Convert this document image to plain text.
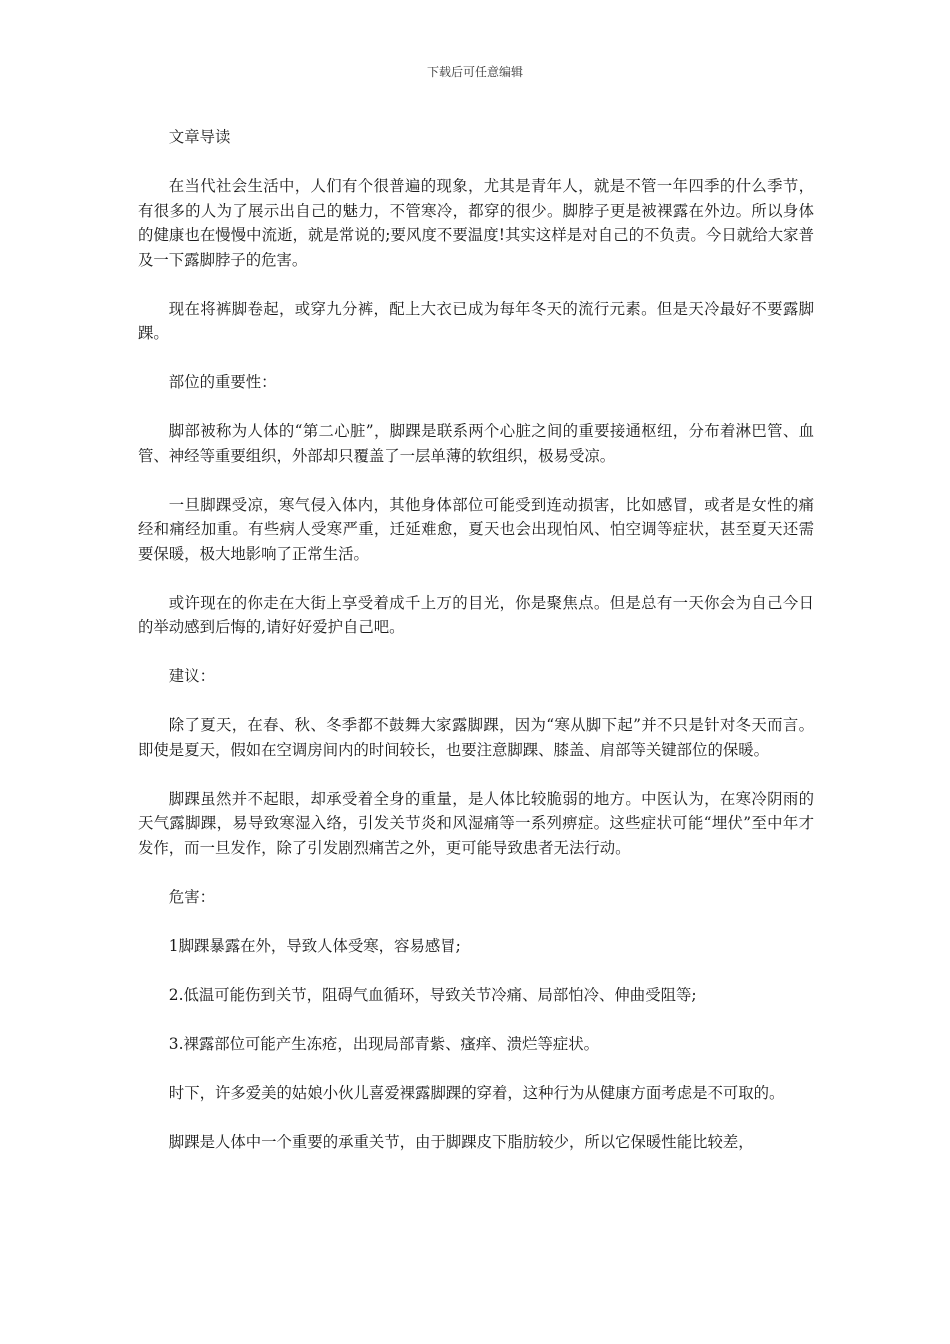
下载后可任意编辑

文章导读

在当代社会生活中，人们有个很普遍的现象，尤其是青年人，就是不管一年四季的什么季节，有很多的人为了展示出自己的魅力，不管寒冷，都穿的很少。脚脖子更是被裸露在外边。所以身体的健康也在慢慢中流逝，就是常说的;要风度不要温度!其实这样是对自己的不负责。今日就给大家普及一下露脚脖子的危害。

现在将裤脚卷起，或穿九分裤，配上大衣已成为每年冬天的流行元素。但是天冷最好不要露脚踝。

部位的重要性：

脚部被称为人体的“第二心脏”，脚踝是联系两个心脏之间的重要接通枢纽，分布着淋巴管、血管、神经等重要组织，外部却只覆盖了一层单薄的软组织，极易受凉。

一旦脚踝受凉，寒气侵入体内，其他身体部位可能受到连动损害，比如感冒，或者是女性的痛经和痛经加重。有些病人受寒严重，迁延难愈，夏天也会出现怕风、怕空调等症状，甚至夏天还需要保暖，极大地影响了正常生活。

或许现在的你走在大街上享受着成千上万的目光，你是聚焦点。但是总有一天你会为自己今日的举动感到后悔的,请好好爱护自己吧。

建议：

除了夏天，在春、秋、冬季都不鼓舞大家露脚踝，因为“寒从脚下起”并不只是针对冬天而言。即使是夏天，假如在空调房间内的时间较长，也要注意脚踝、膝盖、肩部等关键部位的保暖。

脚踝虽然并不起眼，却承受着全身的重量，是人体比较脆弱的地方。中医认为，在寒冷阴雨的天气露脚踝，易导致寒湿入络，引发关节炎和风湿痛等一系列痹症。这些症状可能“埋伏”至中年才发作，而一旦发作，除了引发剧烈痛苦之外，更可能导致患者无法行动。

危害：

1脚踝暴露在外，导致人体受寒，容易感冒;

2.低温可能伤到关节，阻碍气血循环，导致关节冷痛、局部怕冷、伸曲受阻等;

3.裸露部位可能产生冻疮，出现局部青紫、瘙痒、溃烂等症状。

时下，许多爱美的姑娘小伙儿喜爱裸露脚踝的穿着，这种行为从健康方面考虑是不可取的。

脚踝是人体中一个重要的承重关节，由于脚踝皮下脂肪较少，所以它保暖性能比较差，
